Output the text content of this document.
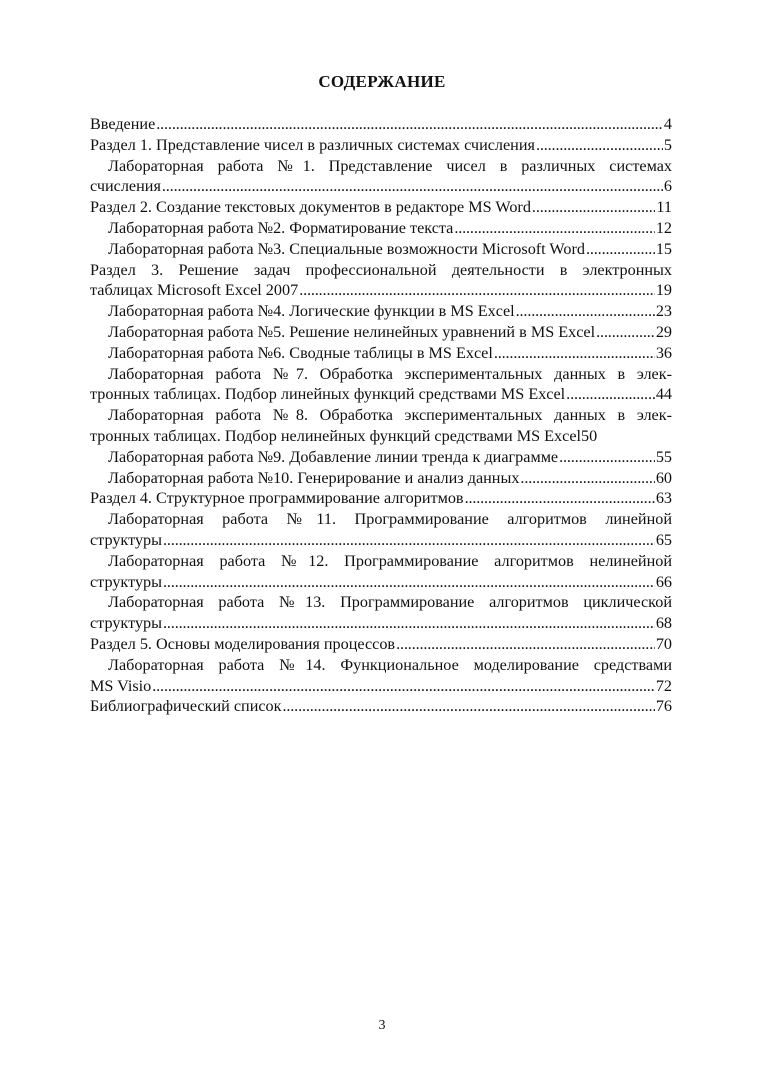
СОДЕРЖАНИЕ
Введение . . .	4
Раздел 1. Представление чисел в различных системах счисления . . .	5
Лабораторная работа №1. Представление чисел в различных системах
счисления . . .	6
Раздел 2. Создание текстовых документов в редакторе MS Word . . .	11
Лабораторная работа №2. Форматирование текста . . .	12
Лабораторная работа №3. Специальные возможности Microsoft Word . . .	15
Раздел 3. Решение задач профессиональной деятельности в электронных
таблицах Microsoft Excel 2007 . . .	19
Лабораторная работа №4. Логические функции в MS Excel . . .	23
Лабораторная работа №5. Решение нелинейных уравнений в MS Excel . . .	29
Лабораторная работа №6. Сводные таблицы в MS Excel . . .	36
Лабораторная работа №7. Обработка экспериментальных данных в элек-
тронных таблицах. Подбор линейных функций средствами MS Excel . . .	44
Лабораторная работа №8. Обработка экспериментальных данных в элек-
тронных таблицах. Подбор нелинейных функций средствами MS Excel 50
Лабораторная работа №9. Добавление линии тренда к диаграмме . . .	55
Лабораторная работа №10. Генерирование и анализ данных . . .	60
Раздел 4. Структурное программирование алгоритмов . . .	63
Лабораторная работа №11. Программирование алгоритмов линейной
структуры . . .	65
Лабораторная работа №12. Программирование алгоритмов нелинейной
структуры . . .	66
Лабораторная работа №13. Программирование алгоритмов циклической
структуры . . .	68
Раздел 5. Основы моделирования процессов . . .	70
Лабораторная работа №14. Функциональное моделирование средствами
MS Visio . . .	72
Библиографический список . . .	76
3
